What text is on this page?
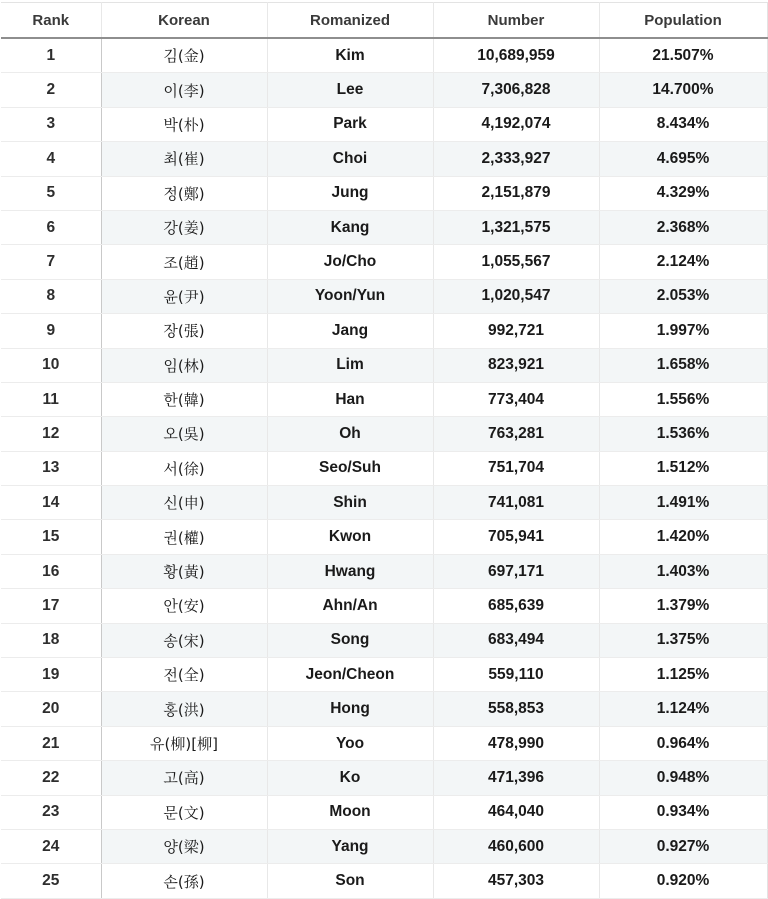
Rank	Korean	Romanized	Number	Population
1	김(金)	Kim	10,689,959	21.507%
2	이(李)	Lee	7,306,828	14.700%
3	박(朴)	Park	4,192,074	8.434%
4	최(崔)	Choi	2,333,927	4.695%
5	정(鄭)	Jung	2,151,879	4.329%
6	강(姜)	Kang	1,321,575	2.368%
7	조(趙)	Jo/Cho	1,055,567	2.124%
8	윤(尹)	Yoon/Yun	1,020,547	2.053%
9	장(張)	Jang	992,721	1.997%
10	임(林)	Lim	823,921	1.658%
11	한(韓)	Han	773,404	1.556%
12	오(吳)	Oh	763,281	1.536%
13	서(徐)	Seo/Suh	751,704	1.512%
14	신(申)	Shin	741,081	1.491%
15	권(權)	Kwon	705,941	1.420%
16	황(黃)	Hwang	697,171	1.403%
17	안(安)	Ahn/An	685,639	1.379%
18	송(宋)	Song	683,494	1.375%
19	전(全)	Jeon/Cheon	559,110	1.125%
20	홍(洪)	Hong	558,853	1.124%
21	유(柳)[柳]	Yoo	478,990	0.964%
22	고(高)	Ko	471,396	0.948%
23	문(文)	Moon	464,040	0.934%
24	양(梁)	Yang	460,600	0.927%
25	손(孫)	Son	457,303	0.920%
